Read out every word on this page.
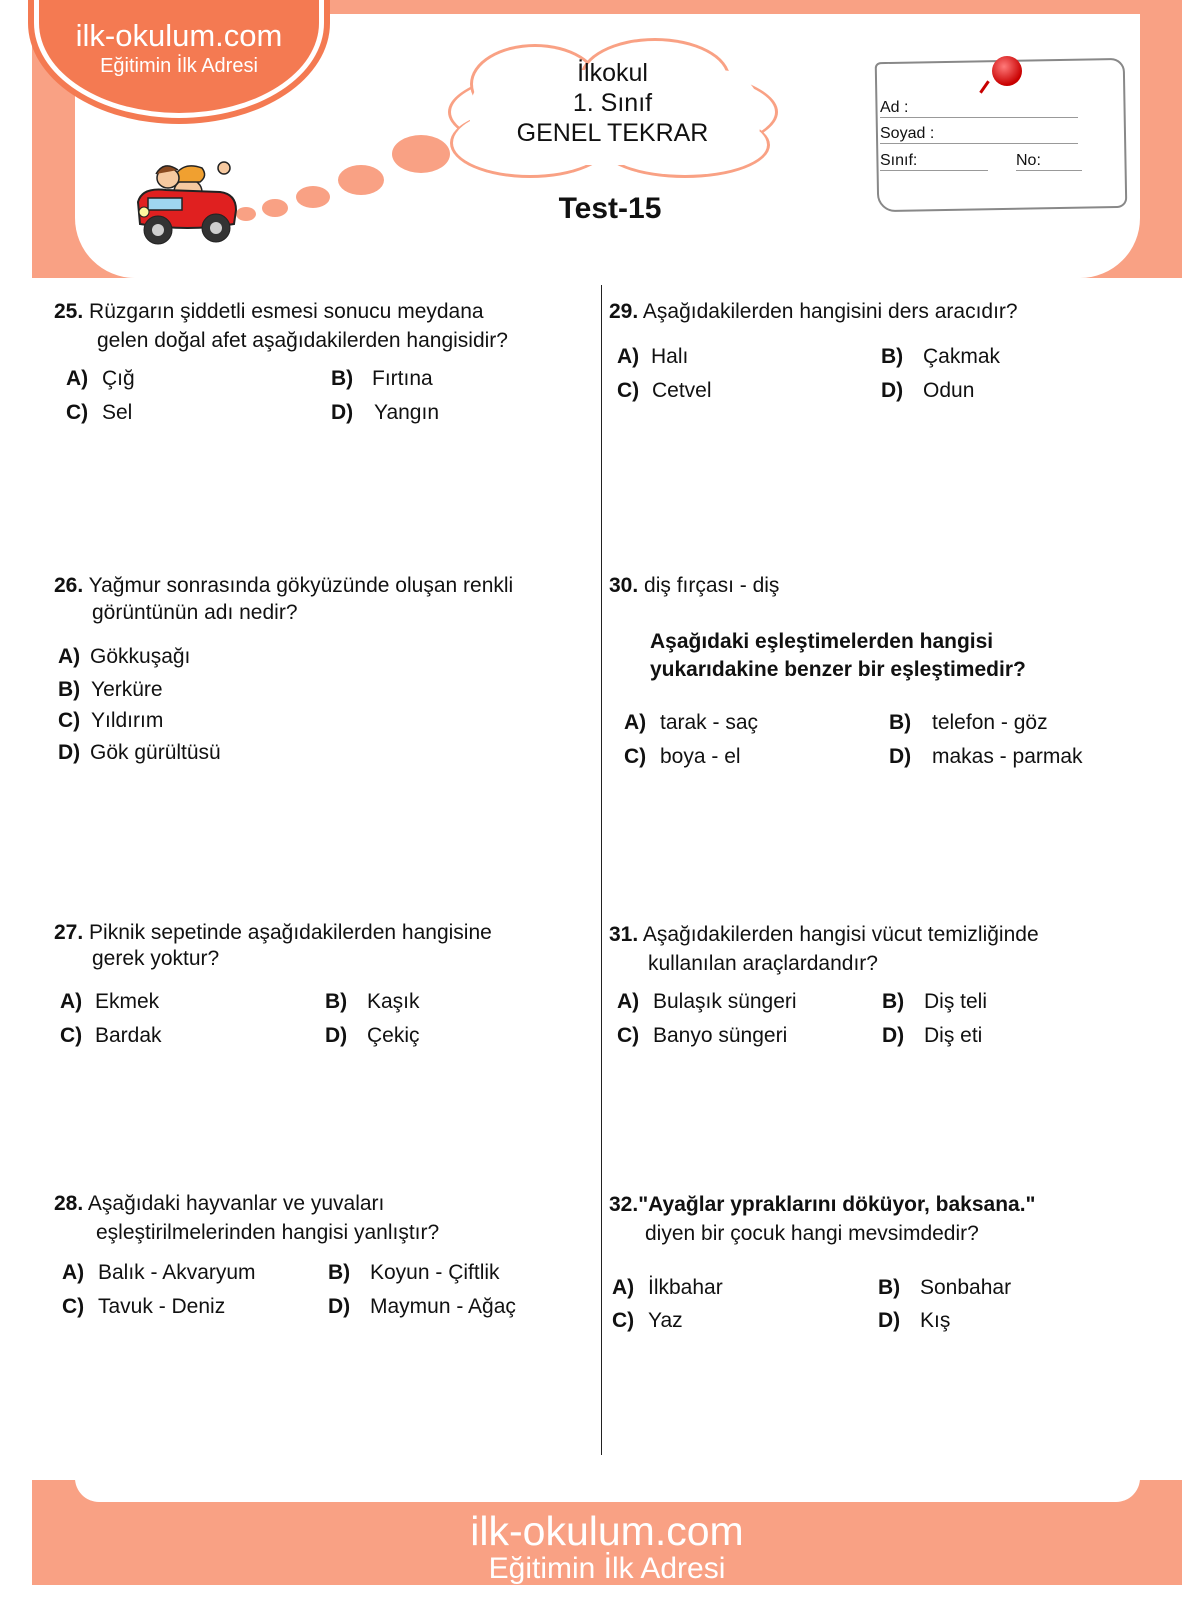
ilk-okulum.com
Eğitimin İlk Adresi	İlkokul
1. Sınıf
GENEL TEKRAR
Test-15
Ad :
Soyad :
Sınıf:	No:
25. Rüzgarın şiddetli esmesi sonucu meydana
gelen doğal afet aşağıdakilerden hangisidir?
A) Çığ	B) Fırtına
C) Sel	D) Yangın
26. Yağmur sonrasında gökyüzünde oluşan renkli
görüntünün adı nedir?
A) Gökkuşağı
B) Yerküre
C) Yıldırım
D) Gök gürültüsü
27. Piknik sepetinde aşağıdakilerden hangisine
gerek yoktur?
A) Ekmek	B) Kaşık
C) Bardak	D) Çekiç
28. Aşağıdaki hayvanlar ve yuvaları
eşleştirilmelerinden hangisi yanlıştır?
A) Balık - Akvaryum	B) Koyun - Çiftlik
C) Tavuk - Deniz	D) Maymun - Ağaç
29. Aşağıdakilerden hangisini ders aracıdır?
A) Halı	B) Çakmak
C) Cetvel	D) Odun
30. diş fırçası - diş
Aşağıdaki eşleştimelerden hangisi
yukarıdakine benzer bir eşleştimedir?
A) tarak - saç	B) telefon - göz
C) boya - el	D) makas - parmak
31. Aşağıdakilerden hangisi vücut temizliğinde
kullanılan araçlardandır?
A) Bulaşık süngeri	B) Diş teli
C) Banyo süngeri	D) Diş eti
32."Ayağlar ypraklarını döküyor, baksana."
diyen bir çocuk hangi mevsimdedir?
A) İlkbahar	B) Sonbahar
C) Yaz	D) Kış
ilk-okulum.com
Eğitimin İlk Adresi
